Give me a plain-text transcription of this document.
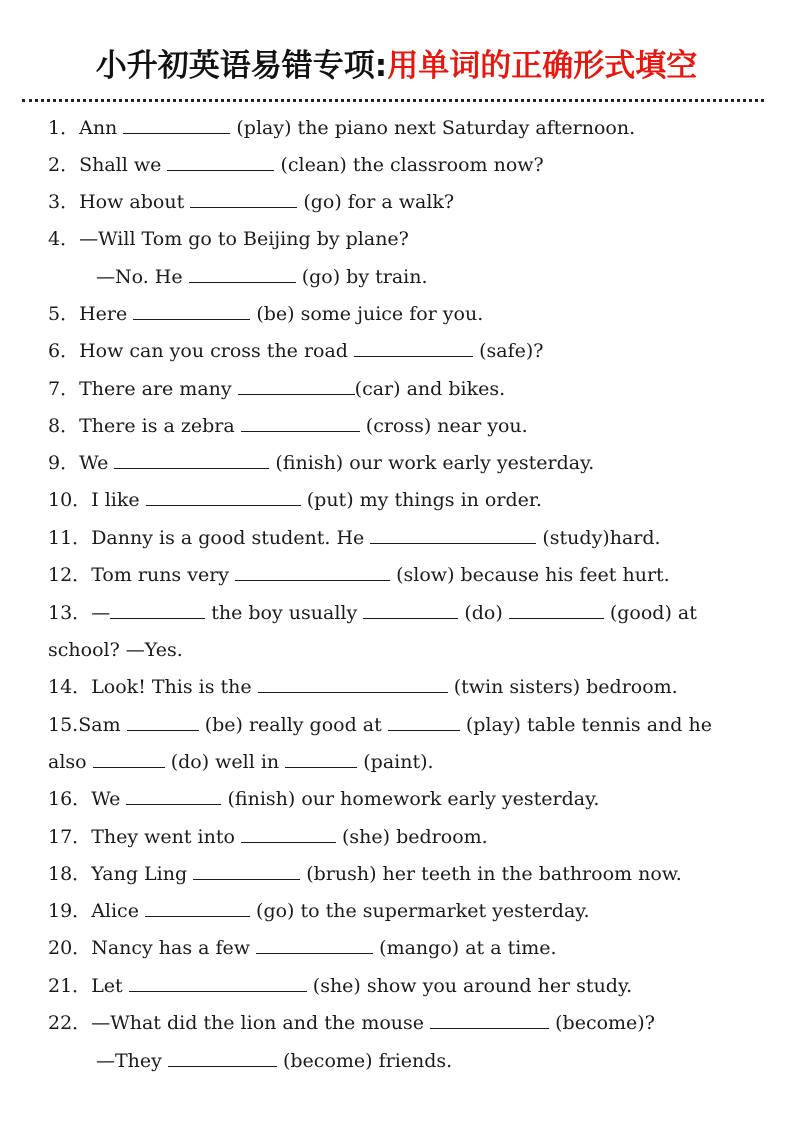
小升初英语易错专项:用单词的正确形式填空
1．Ann	(play) the piano next Saturday afternoon.
2．Shall we	(clean) the classroom now?
3．How about	(go) for a walk?
4．—Will Tom go to Beijing by plane?
—No. He	(go) by train.
5．Here	(be) some juice for you.
6．How can you cross the road	(safe)?
7．There are many	(car) and bikes.
8．There is a zebra	(cross) near you.
9．We	(finish) our work early yesterday.
10．I like	(put) my things in order.
11．Danny is a good student. He	(study)hard.
12．Tom runs very	(slow) because his feet hurt.
13．—	the boy usually	(do)	(good) at
school? —Yes.
14．Look! This is the	(twin sisters) bedroom.
15.Sam	(be) really good at	(play) table tennis and he
also	(do) well in	(paint).
16．We	(finish) our homework early yesterday.
17．They went into	(she) bedroom.
18．Yang Ling	(brush) her teeth in the bathroom now.
19．Alice	(go) to the supermarket yesterday.
20．Nancy has a few	(mango) at a time.
21．Let	(she) show you around her study.
22．—What did the lion and the mouse	(become)?
—They	(become) friends.
